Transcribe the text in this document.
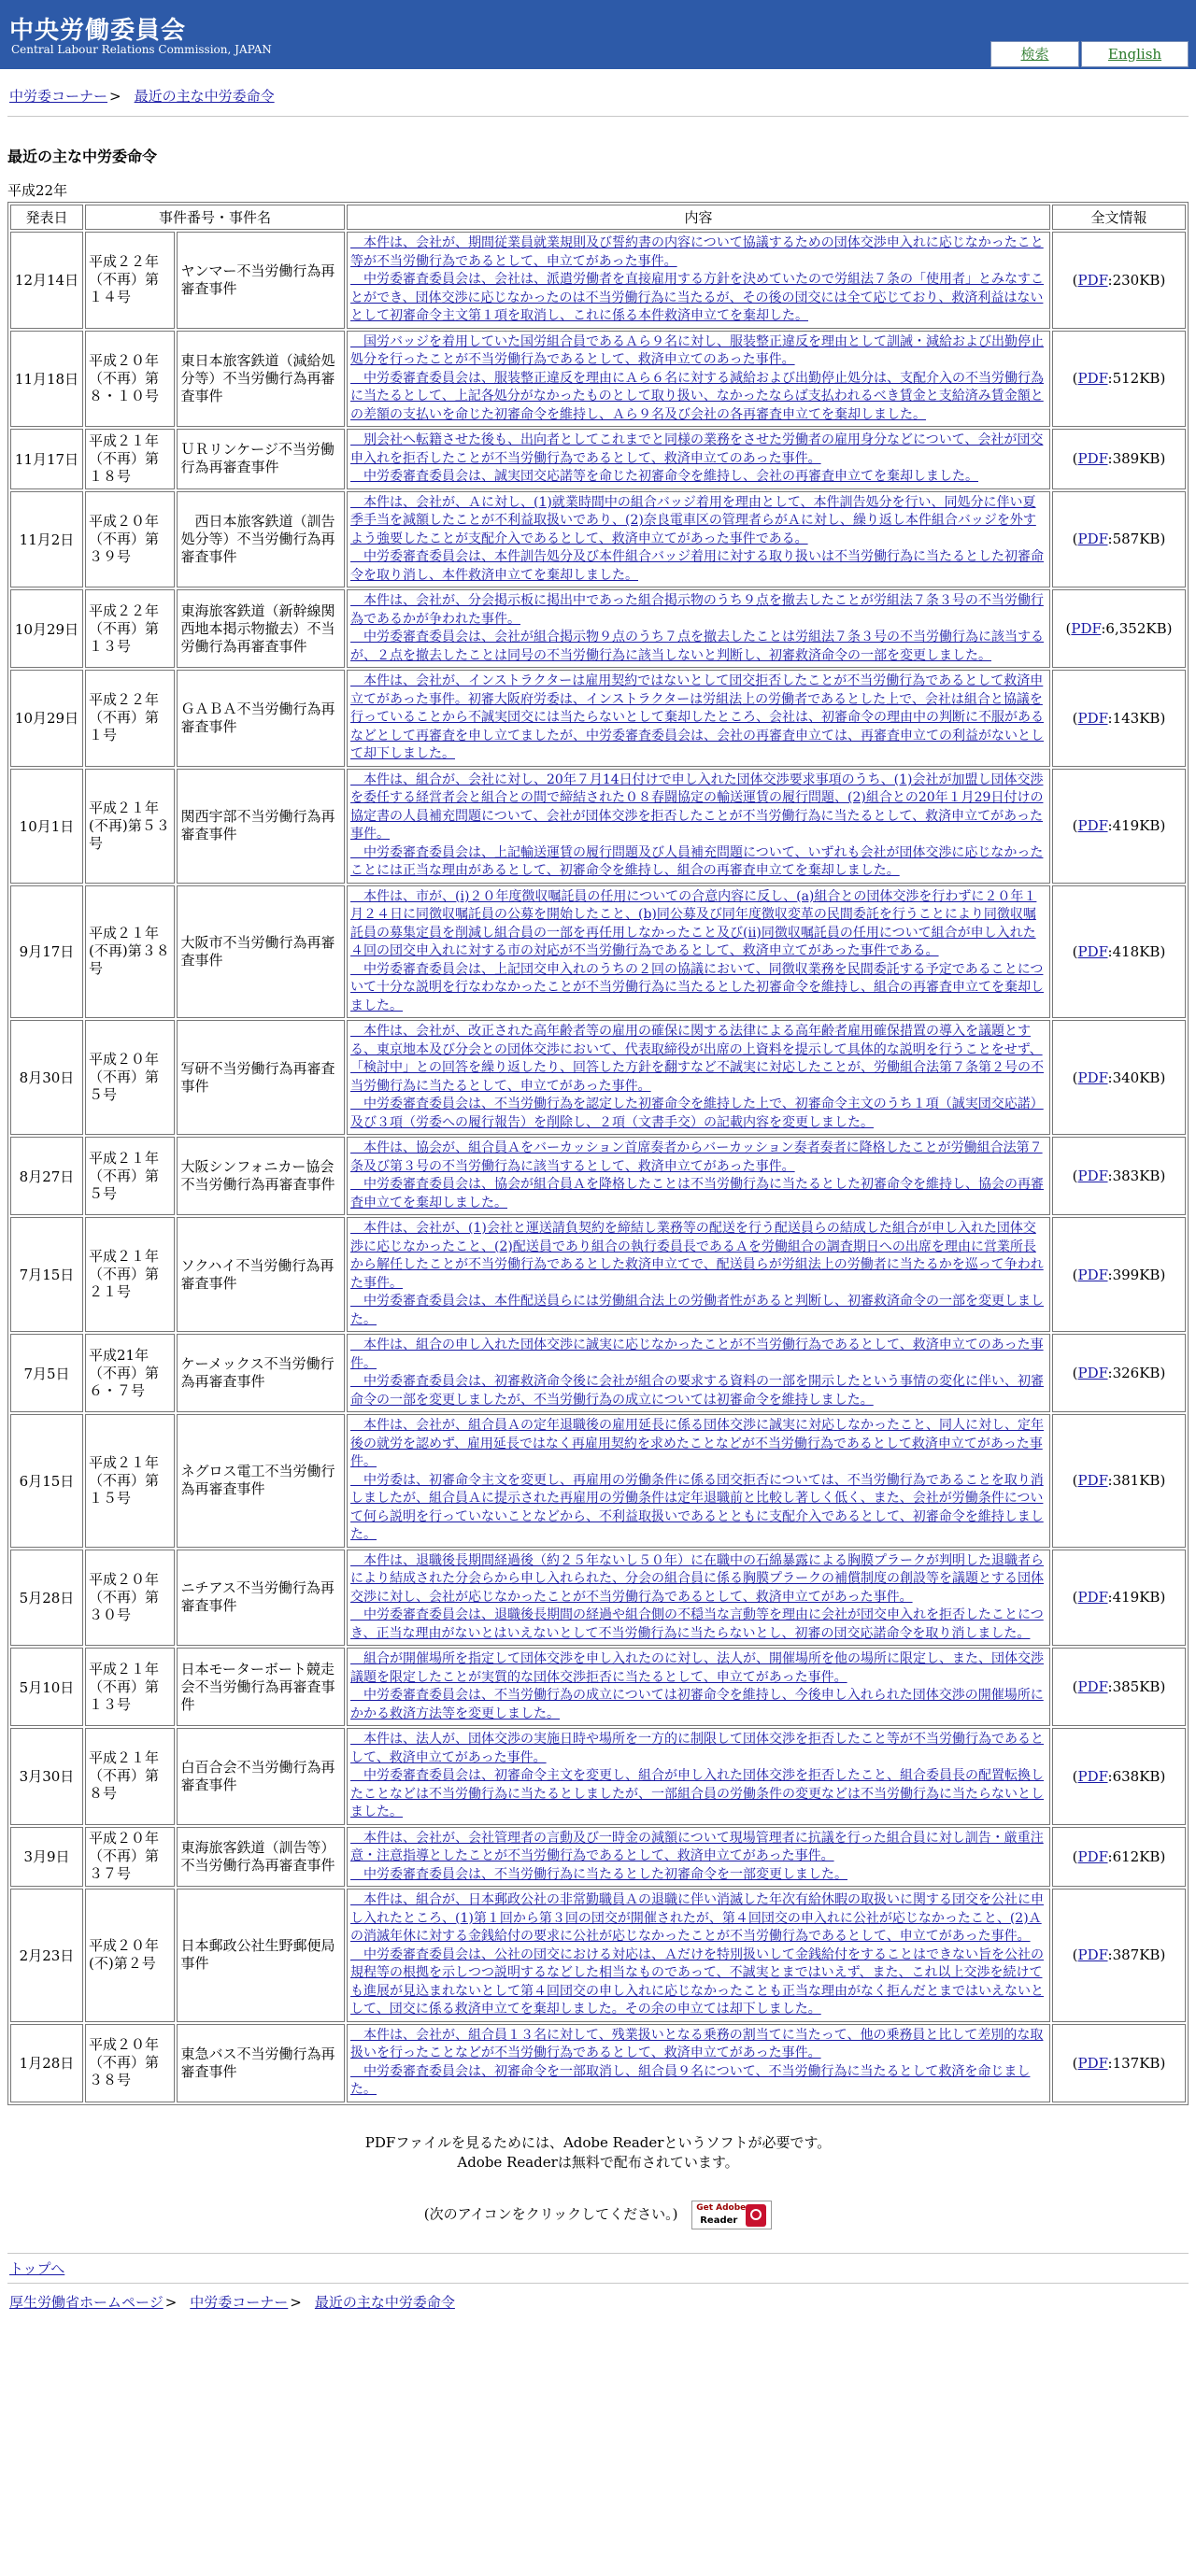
中央労働委員会
Central Labour Relations Commission, JAPAN	検索	English
中労委コーナー > 最近の主な中労委命令
最近の主な中労委命令
平成22年
発表日	事件番号・事件名		内容	全文情報
12月14日	平成２２年（不再）第１４号	ヤンマー不当労働行為再審査事件	　本件は、会社が、期間従業員就業規則及び誓約書の内容について協議するための団体交渉申入れに応じなかったこと等が不当労働行為であるとして、申立てがあった事件。
　中労委審査委員会は、会社は、派遣労働者を直接雇用する方針を決めていたので労組法７条の「使用者」とみなすことができ、団体交渉に応じなかったのは不当労働行為に当たるが、その後の団交には全て応じており、救済利益はないとして初審命令主文第１項を取消し、これに係る本件救済申立てを棄却した。	(PDF:230KB)
11月18日	平成２０年（不再）第８・１０号	東日本旅客鉄道（減給処分等）不当労働行為再審査事件	　国労バッジを着用していた国労組合員であるＡら９名に対し、服装整正違反を理由として訓誡・減給および出勤停止処分を行ったことが不当労働行為であるとして、救済申立てのあった事件。
　中労委審査委員会は、服装整正違反を理由にＡら６名に対する減給および出勤停止処分は、支配介入の不当労働行為に当たるとして、上記各処分がなかったものとして取り扱い、なかったならば支払われるべき賃金と支給済み賃金額との差額の支払いを命じた初審命令を維持し、Ａら９名及び会社の各再審査申立てを棄却しました。	(PDF:512KB)
11月17日	平成２１年（不再）第１８号	ＵＲリンケージ不当労働行為再審査事件	　別会社へ転籍させた後も、出向者としてこれまでと同様の業務をさせた労働者の雇用身分などについて、会社が団交申入れを拒否したことが不当労働行為であるとして、救済申立てのあった事件。
　中労委審査委員会は、誠実団交応諾等を命じた初審命令を維持し、会社の再審査申立てを棄却しました。	(PDF:389KB)
11月2日	平成２０年（不再）第３９号	　西日本旅客鉄道（訓告処分等）不当労働行為再審査事件	　本件は、会社が、Ａに対し、(1)就業時間中の組合バッジ着用を理由として、本件訓告処分を行い、同処分に伴い夏季手当を減額したことが不利益取扱いであり、(2)奈良電車区の管理者らがＡに対し、繰り返し本件組合バッジを外すよう強要したことが支配介入であるとして、救済申立てがあった事件である。
　中労委審査委員会は、本件訓告処分及び本件組合バッジ着用に対する取り扱いは不当労働行為に当たるとした初審命令を取り消し、本件救済申立てを棄却しました。	(PDF:587KB)
10月29日	平成２２年（不再）第１３号	東海旅客鉄道（新幹線関西地本掲示物撤去）不当労働行為再審査事件	　本件は、会社が、分会掲示板に掲出中であった組合掲示物のうち９点を撤去したことが労組法７条３号の不当労働行為であるかが争われた事件。
　中労委審査委員会は、会社が組合掲示物９点のうち７点を撤去したことは労組法７条３号の不当労働行為に該当するが、２点を撤去したことは同号の不当労働行為に該当しないと判断し、初審救済命令の一部を変更しました。	(PDF:6,352KB)
10月29日	平成２２年（不再）第１号	ＧＡＢＡ不当労働行為再審査事件	　本件は、会社が、インストラクターは雇用契約ではないとして団交拒否したことが不当労働行為であるとして救済申立てがあった事件。初審大阪府労委は、インストラクターは労組法上の労働者であるとした上で、会社は組合と協議を行っていることから不誠実団交には当たらないとして棄却したところ、会社は、初審命令の理由中の判断に不服があるなどとして再審査を申し立てましたが、中労委審査委員会は、会社の再審査申立ては、再審査申立ての利益がないとして却下しました。	(PDF:143KB)
10月1日	平成２１年(不再)第５３号	関西宇部不当労働行為再審査事件	　本件は、組合が、会社に対し、20年７月14日付けで申し入れた団体交渉要求事項のうち、(1)会社が加盟し団体交渉を委任する経営者会と組合との間で締結された０８春闘協定の輸送運賃の履行問題、(2)組合との20年１月29日付けの協定書の人員補充問題について、会社が団体交渉を拒否したことが不当労働行為に当たるとして、救済申立てがあった事件。
　中労委審査委員会は、上記輸送運賃の履行問題及び人員補充問題について、いずれも会社が団体交渉に応じなかったことには正当な理由があるとして、初審命令を維持し、組合の再審査申立てを棄却しました。	(PDF:419KB)
9月17日	平成２１年(不再)第３８号	大阪市不当労働行為再審査事件	　本件は、市が、(i)２０年度徴収嘱託員の任用についての合意内容に反し、(a)組合との団体交渉を行わずに２０年１月２４日に同徴収嘱託員の公募を開始したこと、(b)同公募及び同年度徴収変革の民間委託を行うことにより同徴収嘱託員の募集定員を削減し組合員の一部を再任用しなかったこと及び(ii)同徴収嘱託員の任用について組合が申し入れた４回の団交申入れに対する市の対応が不当労働行為であるとして、救済申立てがあった事件である。
　中労委審査委員会は、上記団交申入れのうちの２回の協議において、同徴収業務を民間委託する予定であることについて十分な説明を行なわなかったことが不当労働行為に当たるとした初審命令を維持し、組合の再審査申立てを棄却しました。	(PDF:418KB)
8月30日	平成２０年（不再）第５号	写研不当労働行為再審査事件	　本件は、会社が、改正された高年齢者等の雇用の確保に関する法律による高年齢者雇用確保措置の導入を議題とする、東京地本及び分会との団体交渉において、代表取締役が出席の上資料を提示して具体的な説明を行うことをせず、「検討中」との回答を繰り返したり、回答した方針を翻すなど不誠実に対応したことが、労働組合法第７条第２号の不当労働行為に当たるとして、申立てがあった事件。
　中労委審査委員会は、不当労働行為を認定した初審命令を維持した上で、初審命令主文のうち１項（誠実団交応諾）及び３項（労委への履行報告）を削除し、２項（文書手交）の記載内容を変更しました。	(PDF:340KB)
8月27日	平成２１年（不再）第５号	大阪シンフォニカー協会不当労働行為再審査事件	　本件は、協会が、組合員Ａをバーカッション首席奏者からバーカッション奏者奏者に降格したことが労働組合法第７条及び第３号の不当労働行為に該当するとして、救済申立てがあった事件。
　中労委審査委員会は、協会が組合員Ａを降格したことは不当労働行為に当たるとした初審命令を維持し、協会の再審査申立てを棄却しました。	(PDF:383KB)
7月15日	平成２１年（不再）第２１号	ソクハイ不当労働行為再審査事件	　本件は、会社が、(1)会社と運送請負契約を締結し業務等の配送を行う配送員らの結成した組合が申し入れた団体交渉に応じなかったこと、(2)配送員であり組合の執行委員長であるＡを労働組合の調査期日への出席を理由に営業所長から解任したことが不当労働行為であるとした救済申立てで、配送員らが労組法上の労働者に当たるかを巡って争われた事件。
　中労委審査委員会は、本件配送員らには労働組合法上の労働者性があると判断し、初審救済命令の一部を変更しました。	(PDF:399KB)
7月5日	平成21年（不再）第６・７号	ケーメックス不当労働行為再審査事件	　本件は、組合の申し入れた団体交渉に誠実に応じなかったことが不当労働行為であるとして、救済申立てのあった事件。
　中労委審査委員会は、初審救済命令後に会社が組合の要求する資料の一部を開示したという事情の変化に伴い、初審命令の一部を変更しましたが、不当労働行為の成立については初審命令を維持しました。	(PDF:326KB)
6月15日	平成２１年（不再）第１５号	ネグロス電工不当労働行為再審査事件	　本件は、会社が、組合員Ａの定年退職後の雇用延長に係る団体交渉に誠実に対応しなかったこと、同人に対し、定年後の就労を認めず、雇用延長ではなく再雇用契約を求めたことなどが不当労働行為であるとして救済申立てがあった事件。
　中労委は、初審命令主文を変更し、再雇用の労働条件に係る団交拒否については、不当労働行為であることを取り消しましたが、組合員Ａに提示された再雇用の労働条件は定年退職前と比較し著しく低く、また、会社が労働条件について何ら説明を行っていないことなどから、不利益取扱いであるとともに支配介入であるとして、初審命令を維持しました。	(PDF:381KB)
5月28日	平成２０年（不再）第３０号	ニチアス不当労働行為再審査事件	　本件は、退職後長期間経過後（約２５年ないし５０年）に在職中の石綿暴露による胸膜プラークが判明した退職者らにより結成された分会らから申し入れられた、分会の組合員に係る胸膜プラークの補償制度の創設等を議題とする団体交渉に対し、会社が応じなかったことが不当労働行為であるとして、救済申立てがあった事件。
　中労委審査委員会は、退職後長期間の経過や組合側の不穏当な言動等を理由に会社が団交申入れを拒否したことにつき、正当な理由がないとはいえないとして不当労働行為に当たらないとし、初審の団交応諾命令を取り消しました。	(PDF:419KB)
5月10日	平成２１年（不再）第１３号	日本モーターボート競走会不当労働行為再審査事件	　組合が開催場所を指定して団体交渉を申し入れたのに対し、法人が、開催場所を他の場所に限定し、また、団体交渉議題を限定したことが実質的な団体交渉拒否に当たるとして、申立てがあった事件。
　中労委審査委員会は、不当労働行為の成立については初審命令を維持し、今後申し入れられた団体交渉の開催場所にかかる救済方法等を変更しました。	(PDF:385KB)
3月30日	平成２１年（不再）第８号	白百合会不当労働行為再審査事件	　本件は、法人が、団体交渉の実施日時や場所を一方的に制限して団体交渉を拒否したこと等が不当労働行為であるとして、救済申立てがあった事件。
　中労委審査委員会は、初審命令主文を変更し、組合が申し入れた団体交渉を拒否したこと、組合委員長の配置転換したことなどは不当労働行為に当たるとしましたが、一部組合員の労働条件の変更などは不当労働行為に当たらないとしました。	(PDF:638KB)
3月9日	平成２０年（不再）第３７号	東海旅客鉄道（訓告等）不当労働行為再審査事件	　本件は、会社が、会社管理者の言動及び一時金の減額について現場管理者に抗議を行った組合員に対し訓告・厳重注意・注意指導としたことが不当労働行為であるとして、救済申立てがあった事件。
　中労委審査委員会は、不当労働行為に当たるとした初審命令を一部変更しました。	(PDF:612KB)
2月23日	平成２０年(不)第２号	日本郵政公社生野郵便局事件	　本件は、組合が、日本郵政公社の非常勤職員Ａの退職に伴い消滅した年次有給休暇の取扱いに関する団交を公社に申し入れたところ、(1)第１回から第３回の団交が開催されたが、第４回団交の申入れに公社が応じなかったこと、(2)Ａの消滅年休に対する金銭給付の要求に公社が応じなかったことが不当労働行為であるとして、申立てがあった事件。
　中労委審査委員会は、公社の団交における対応は、Ａだけを特別扱いして金銭給付をすることはできない旨を公社の規程等の根拠を示しつつ説明するなどした相当なものであって、不誠実とまではいえず、また、これ以上交渉を続けても進展が見込まれないとして第４回団交の申し入れに応じなかったことも正当な理由がなく拒んだとまではいえないとして、団交に係る救済申立てを棄却しました。その余の申立ては却下しました。	(PDF:387KB)
1月28日	平成２０年（不再）第３８号	東急バス不当労働行為再審査事件	　本件は、会社が、組合員１３名に対して、残業扱いとなる乗務の割当てに当たって、他の乗務員と比して差別的な取扱いを行ったことなどが不当労働行為であるとして、救済申立てがあった事件。
　中労委審査委員会は、初審命令を一部取消し、組合員９名について、不当労働行為に当たるとして救済を命じました。	(PDF:137KB)
PDFファイルを見るためには、Adobe Readerというソフトが必要です。
Adobe Readerは無料で配布されています。
(次のアイコンをクリックしてください。) Get Adobe
Reader
トップへ
厚生労働省ホームページ > 中労委コーナー > 最近の主な中労委命令
